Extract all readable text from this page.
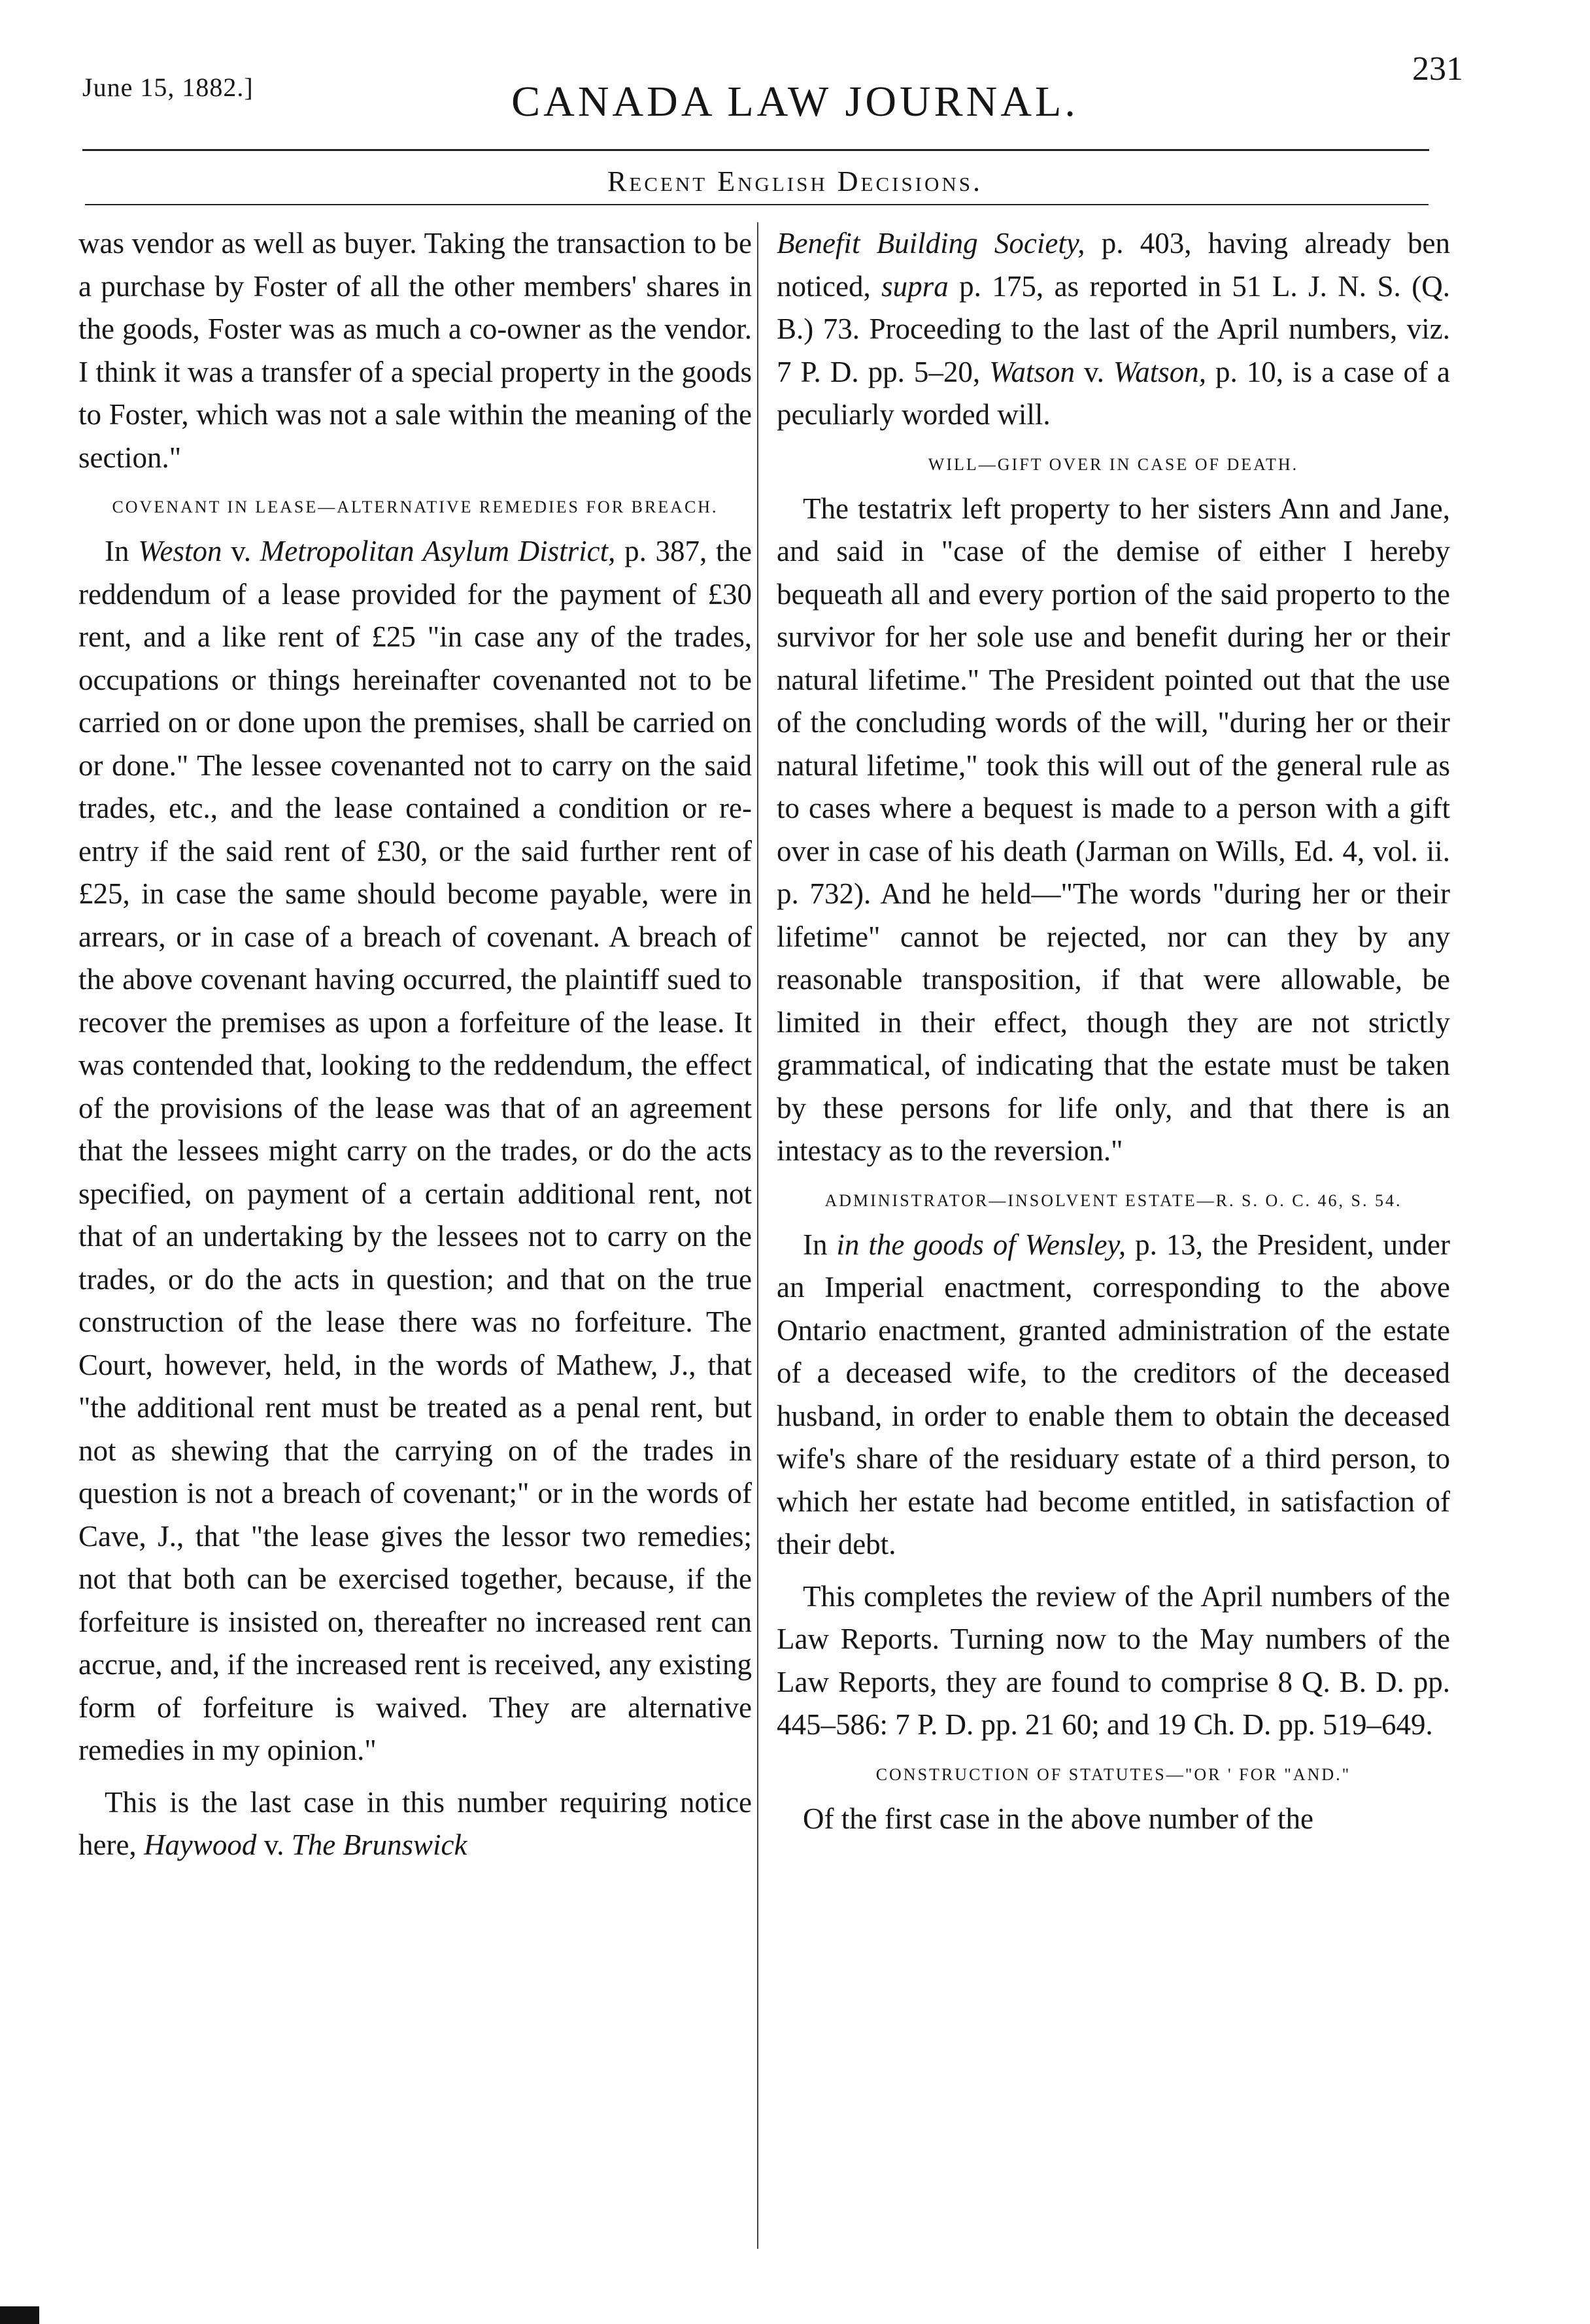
June 15, 1882.]	CANADA LAW JOURNAL.
231
Recent English Decisions.

was vendor as well as buyer. Taking the transaction to be a purchase by Foster of all the other members' shares in the goods, Foster was as much a co-owner as the vendor. I think it was a transfer of a special property in the goods to Foster, which was not a sale within the meaning of the section."

COVENANT IN LEASE—ALTERNATIVE REMEDIES FOR BREACH.

In Weston v. Metropolitan Asylum District, p. 387, the reddendum of a lease provided for the payment of £30 rent, and a like rent of £25 "in case any of the trades, occupations or things hereinafter covenanted not to be carried on or done upon the premises, shall be carried on or done." The lessee covenanted not to carry on the said trades, etc., and the lease contained a condition or re-entry if the said rent of £30, or the said further rent of £25, in case the same should become payable, were in arrears, or in case of a breach of covenant. A breach of the above covenant having occurred, the plaintiff sued to recover the premises as upon a forfeiture of the lease. It was contended that, looking to the reddendum, the effect of the provisions of the lease was that of an agreement that the lessees might carry on the trades, or do the acts specified, on payment of a certain additional rent, not that of an undertaking by the lessees not to carry on the trades, or do the acts in question; and that on the true construction of the lease there was no forfeiture. The Court, however, held, in the words of Mathew, J., that "the additional rent must be treated as a penal rent, but not as shewing that the carrying on of the trades in question is not a breach of covenant;" or in the words of Cave, J., that "the lease gives the lessor two remedies; not that both can be exercised together, because, if the forfeiture is insisted on, thereafter no increased rent can accrue, and, if the increased rent is received, any existing form of forfeiture is waived. They are alternative remedies in my opinion."

This is the last case in this number requiring notice here, Haywood v. The Brunswick

Benefit Building Society, p. 403, having already ben noticed, supra p. 175, as reported in 51 L. J. N. S. (Q. B.) 73. Proceeding to the last of the April numbers, viz. 7 P. D. pp. 5–20, Watson v. Watson, p. 10, is a case of a peculiarly worded will.

WILL—GIFT OVER IN CASE OF DEATH.

The testatrix left property to her sisters Ann and Jane, and said in "case of the demise of either I hereby bequeath all and every portion of the said properto to the survivor for her sole use and benefit during her or their natural lifetime." The President pointed out that the use of the concluding words of the will, "during her or their natural lifetime," took this will out of the general rule as to cases where a bequest is made to a person with a gift over in case of his death (Jarman on Wills, Ed. 4, vol. ii. p. 732). And he held—"The words "during her or their lifetime" cannot be rejected, nor can they by any reasonable transposition, if that were allowable, be limited in their effect, though they are not strictly grammatical, of indicating that the estate must be taken by these persons for life only, and that there is an intestacy as to the reversion."

ADMINISTRATOR—INSOLVENT ESTATE—R. S. O. C. 46, S. 54.

In in the goods of Wensley, p. 13, the President, under an Imperial enactment, corresponding to the above Ontario enactment, granted administration of the estate of a deceased wife, to the creditors of the deceased husband, in order to enable them to obtain the deceased wife's share of the residuary estate of a third person, to which her estate had become entitled, in satisfaction of their debt.

This completes the review of the April numbers of the Law Reports. Turning now to the May numbers of the Law Reports, they are found to comprise 8 Q. B. D. pp. 445–586: 7 P. D. pp. 21 60; and 19 Ch. D. pp. 519–649.

CONSTRUCTION OF STATUTES—"OR ' FOR "AND."

Of the first case in the above number of the
